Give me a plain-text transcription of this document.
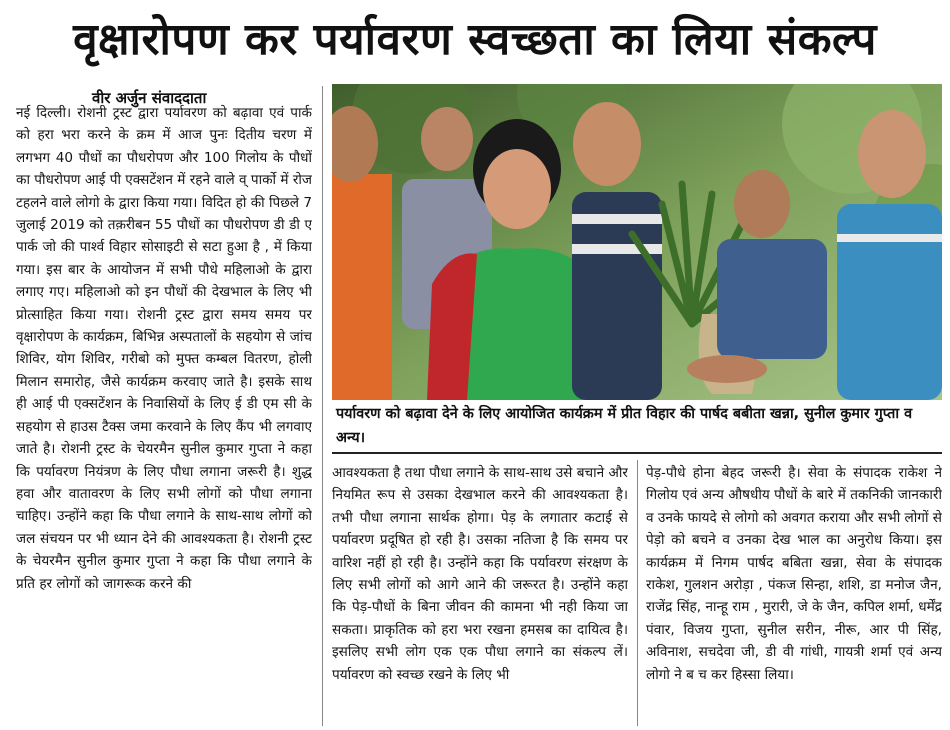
वृक्षारोपण कर पर्यावरण स्वच्छता का लिया संकल्प
वीर अर्जुन संवाददाता
नई दिल्ली। रोशनी ट्रस्ट द्वारा पर्यावरण को बढ़ावा एवं पार्क को हरा भरा करने के क्रम में आज पुनः दितीय चरण में लगभग 40 पौधों का पौधरोपण और 100 गिलोय के पौधों का पौधरोपण आई पी एक्सटेंशन में रहने वाले व् पार्को में रोज टहलने वाले लोगो के द्वारा किया गया। विदित हो की पिछले 7 जुलाई 2019 को तक़रीबन 55 पौधों का पौधरोपण डी डी ए पार्क जो की पार्श्व विहार सोसाइटी से सटा हुआ है , में किया गया। इस बार के आयोजन में सभी पौधे महिलाओ के द्वारा लगाए गए। महिलाओ को इन पौधों की देखभाल के लिए भी प्रोत्साहित किया गया। रोशनी ट्रस्ट द्वारा समय समय पर वृक्षारोपण के कार्यक्रम, बिभिन्न अस्पतालों के सहयोग से जांच शिविर, योग शिविर, गरीबो को मुफ्त कम्बल वितरण, होली मिलान समारोह, जैसे कार्यक्रम करवाए जाते है। इसके साथ ही आई पी एक्सटेंशन के निवासियों के लिए ई डी एम सी के सहयोग से हाउस टैक्स जमा करवाने के लिए कैंप भी लगवाए जाते है। रोशनी ट्रस्ट के चेयरमैन सुनील कुमार गुप्ता ने कहा कि पर्यावरण नियंत्रण के लिए पौधा लगाना जरूरी है। शुद्ध हवा और वातावरण के लिए सभी लोगों को पौधा लगाना चाहिए। उन्होंने कहा कि पौधा लगाने के साथ-साथ लोगों को जल संचयन पर भी ध्यान देने की आवश्यकता है। रोशनी ट्रस्ट के चेयरमैन सुनील कुमार गुप्ता ने कहा कि पौधा लगाने के प्रति हर लोगों को जागरूक करने की
पर्यावरण को बढ़ावा देने के लिए आयोजित कार्यक्रम में प्रीत विहार की पार्षद बबीता खन्ना, सुनील कुमार गुप्ता व अन्य।
आवश्यकता है तथा पौधा लगाने के साथ-साथ उसे बचाने और नियमित रूप से उसका देखभाल करने की आवश्यकता है। तभी पौधा लगाना सार्थक होगा। पेड़ के लगातार कटाई से पर्यावरण प्रदूषित हो रही है। उसका नतिजा है कि समय पर वारिश नहीं हो रही है। उन्होंने कहा कि पर्यावरण संरक्षण के लिए सभी लोगों को आगे आने की जरूरत है। उन्होंने कहा कि पेड़-पौधों के बिना जीवन की कामना भी नही किया जा सकता। प्राकृतिक को हरा भरा रखना हमसब का दायित्व है। इसलिए सभी लोग एक एक पौधा लगाने का संकल्प लें। पर्यावरण को स्वच्छ रखने के लिए भी
पेड़-पौधे होना बेहद जरूरी है। सेवा के संपादक राकेश ने गिलोय एवं अन्य औषधीय पौधों के बारे में तकनिकी जानकारी व उनके फायदे से लोगो को अवगत कराया और सभी लोगों से पेड़ो को बचने व उनका देख भाल का अनुरोध किया। इस कार्यक्रम में निगम पार्षद बबिता खन्ना, सेवा के संपादक राकेश, गुलशन अरोड़ा , पंकज सिन्हा, शशि, डा मनोज जैन, राजेंद्र सिंह, नान्हू राम , मुरारी, जे के जैन, कपिल शर्मा, धर्मेंद्र पंवार, विजय गुप्ता, सुनील सरीन, नीरू, आर पी सिंह, अविनाश, सचदेवा जी, डी वी गांधी, गायत्री शर्मा एवं अन्य लोगो ने ब च कर हिस्सा लिया।
